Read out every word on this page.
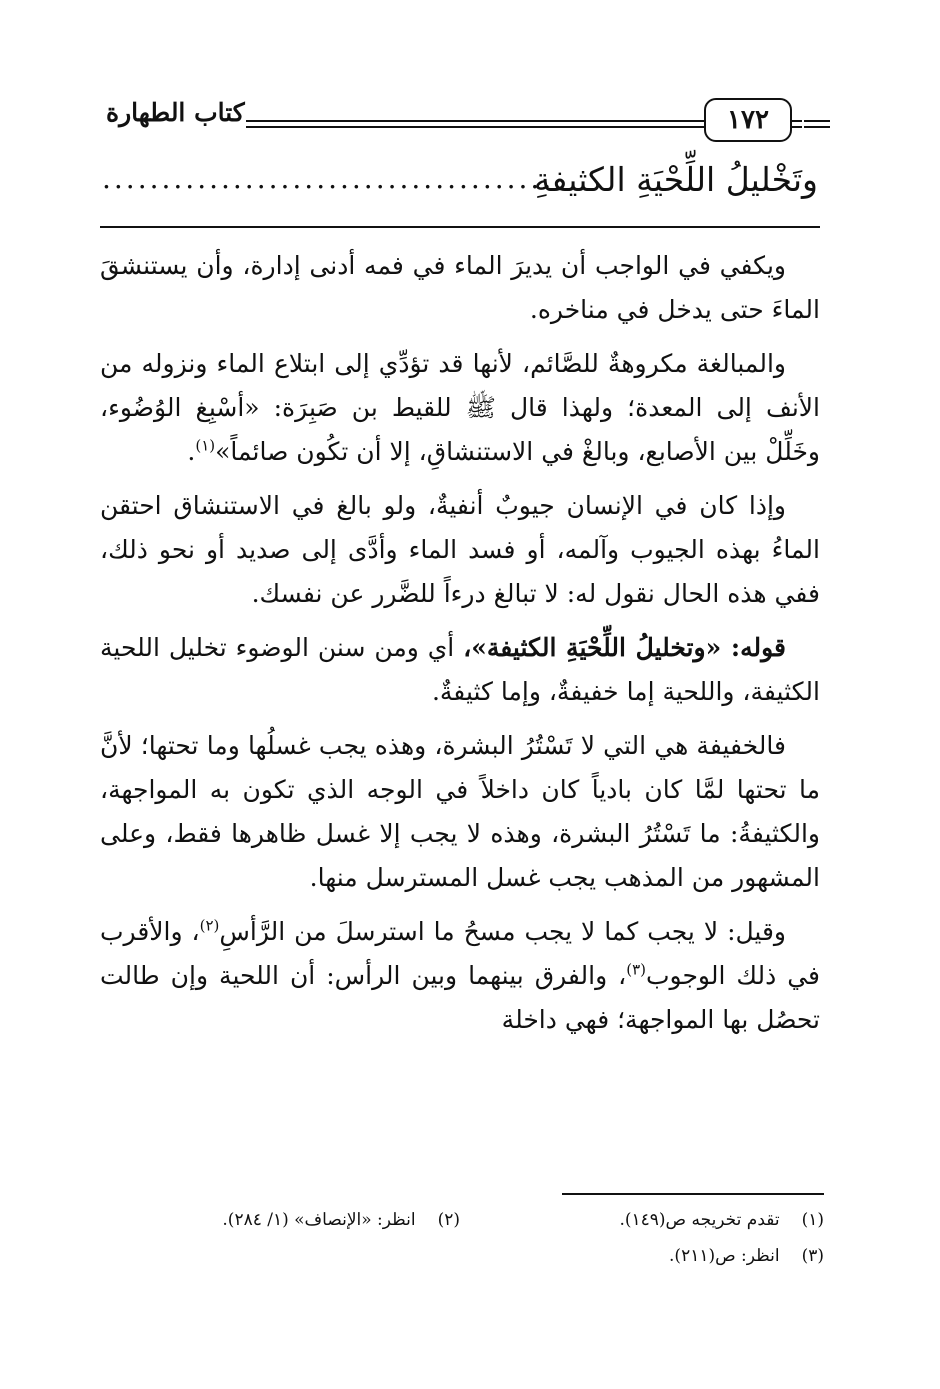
كتاب الطهارة	١٧٢
وتَخْليلُ اللِّحْيَةِ الكثيفةِ
......................................

ويكفي في الواجب أن يديرَ الماء في فمه أدنى إدارة، وأن يستنشقَ الماءَ حتى يدخل في مناخره.

والمبالغة مكروهةٌ للصَّائم، لأنها قد تؤدِّي إلى ابتلاع الماء ونزوله من الأنف إلى المعدة؛ ولهذا قال ﷺ للقيط بن صَبِرَة: «أسْبِغ الوُضُوء، وخَلِّلْ بين الأصابع، وبالغْ في الاستنشاقِ، إلا أن تكُون صائماً»$^{(١)}$.

وإذا كان في الإنسان جيوبٌ أنفيةٌ، ولو بالغ في الاستنشاق احتقن الماءُ بهذه الجيوب وآلمه، أو فسد الماء وأدَّى إلى صديد أو نحو ذلك، ففي هذه الحال نقول له: لا تبالغ درءاً للضَّرر عن نفسك.

قوله: «وتخليلُ اللِّحْيَةِ الكثيفة»، أي ومن سنن الوضوء تخليل اللحية الكثيفة، واللحية إما خفيفةٌ، وإما كثيفةٌ.

فالخفيفة هي التي لا تَسْتُرُ البشرة، وهذه يجب غسلُها وما تحتها؛ لأنَّ ما تحتها لمَّا كان بادياً كان داخلاً في الوجه الذي تكون به المواجهة، والكثيفةُ: ما تَسْتُرُ البشرة، وهذه لا يجب إلا غسل ظاهرها فقط، وعلى المشهور من المذهب يجب غسل المسترسل منها.

وقيل: لا يجب كما لا يجب مسحُ ما استرسلَ من الرَّأسِ$^{(٢)}$، والأقرب في ذلك الوجوب$^{(٣)}$، والفرق بينهما وبين الرأس: أن اللحية وإن طالت تحصُل بها المواجهة؛ فهي داخلة

(١)تقدم تخريجه ص(١٤٩).
(٢)انظر: «الإنصاف» (١/ ٢٨٤).
(٣)انظر: ص(٢١١).
